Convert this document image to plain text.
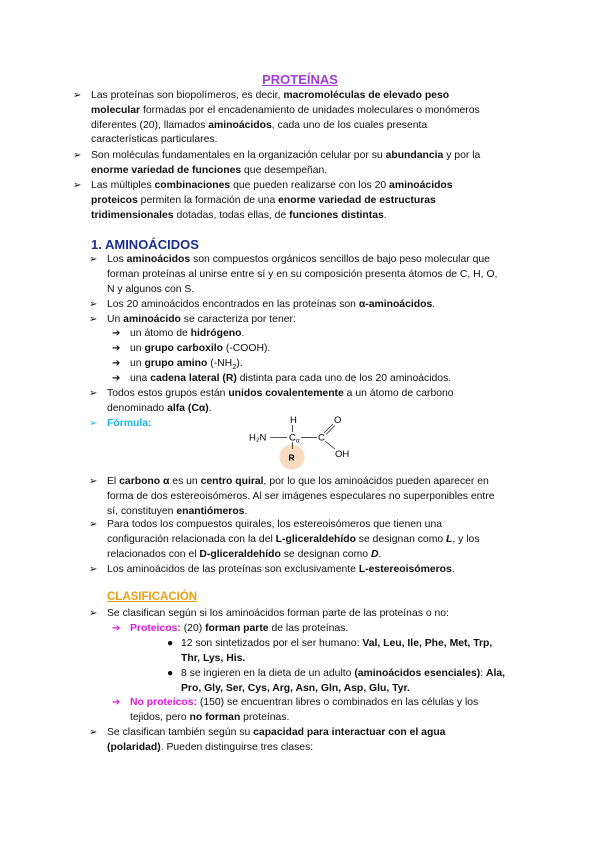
PROTEÍNAS
➢ Las proteínas son biopolímeros, es decir, macromoléculas de elevado peso
molecular formadas por el encadenamiento de unidades moleculares o monómeros
diferentes (20), llamados aminoácidos, cada uno de los cuales presenta
características particulares.
➢ Son moléculas fundamentales en la organización celular por su abundancia y por la
enorme variedad de funciones que desempeñan.
➢ Las múltiples combinaciones que pueden realizarse con los 20 aminoácidos
proteicos permiten la formación de una enorme variedad de estructuras
tridimensionales dotadas, todas ellas, de funciones distintas.
1. AMINOÁCIDOS
➢ Los aminoácidos son compuestos orgánicos sencillos de bajo peso molecular que
forman proteínas al unirse entre sí y en su composición presenta átomos de C, H, O,
N y algunos con S.
➢ Los 20 aminoácidos encontrados en las proteínas son α-aminoácidos.
➢ Un aminoácido se caracteriza por tener:
➔ un átomo de hidrógeno.
➔ un grupo carboxilo (-COOH).
➔ un grupo amino $(-NH_2)$.
➔ una cadena lateral (R) distinta para cada uno de los 20 aminoácidos.
➢ Todos estos grupos están unidos covalentemente a un átomo de carbono
denominado alfa (Cα).
➢ Fórmula:	H
H₂N $C_\alpha$
R
C
O
OH
➢ El carbono α es un centro quiral, por lo que los aminoácidos pueden aparecer en
forma de dos estereoisómeros. Al ser imágenes especulares no superponibles entre
sí, constituyen enantiómeros.
➢ Para todos los compuestos quirales, los estereoisómeros que tienen una
configuración relacionada con la del L-gliceraldehído se designan como L, y los
relacionados con el D-gliceraldehído se designan como D.
➢ Los aminoácidos de las proteínas son exclusivamente L-estereoisómeros.
CLASIFICACIÓN
➢ Se clasifican según si los aminoácidos forman parte de las proteínas o no:
➔ Proteicos: (20) forman parte de las proteínas.
● 12 son sintetizados por el ser humano: Val, Leu, Ile, Phe, Met, Trp,
Thr, Lys, His.
● 8 se ingieren en la dieta de un adulto (aminoácidos esenciales): Ala,
Pro, Gly, Ser, Cys, Arg, Asn, Gln, Asp, Glu, Tyr.
➔ No proteicos: (150) se encuentran libres o combinados en las células y los
tejidos, pero no forman proteínas.
➢ Se clasifican también según su capacidad para interactuar con el agua
(polaridad). Pueden distinguirse tres clases:
